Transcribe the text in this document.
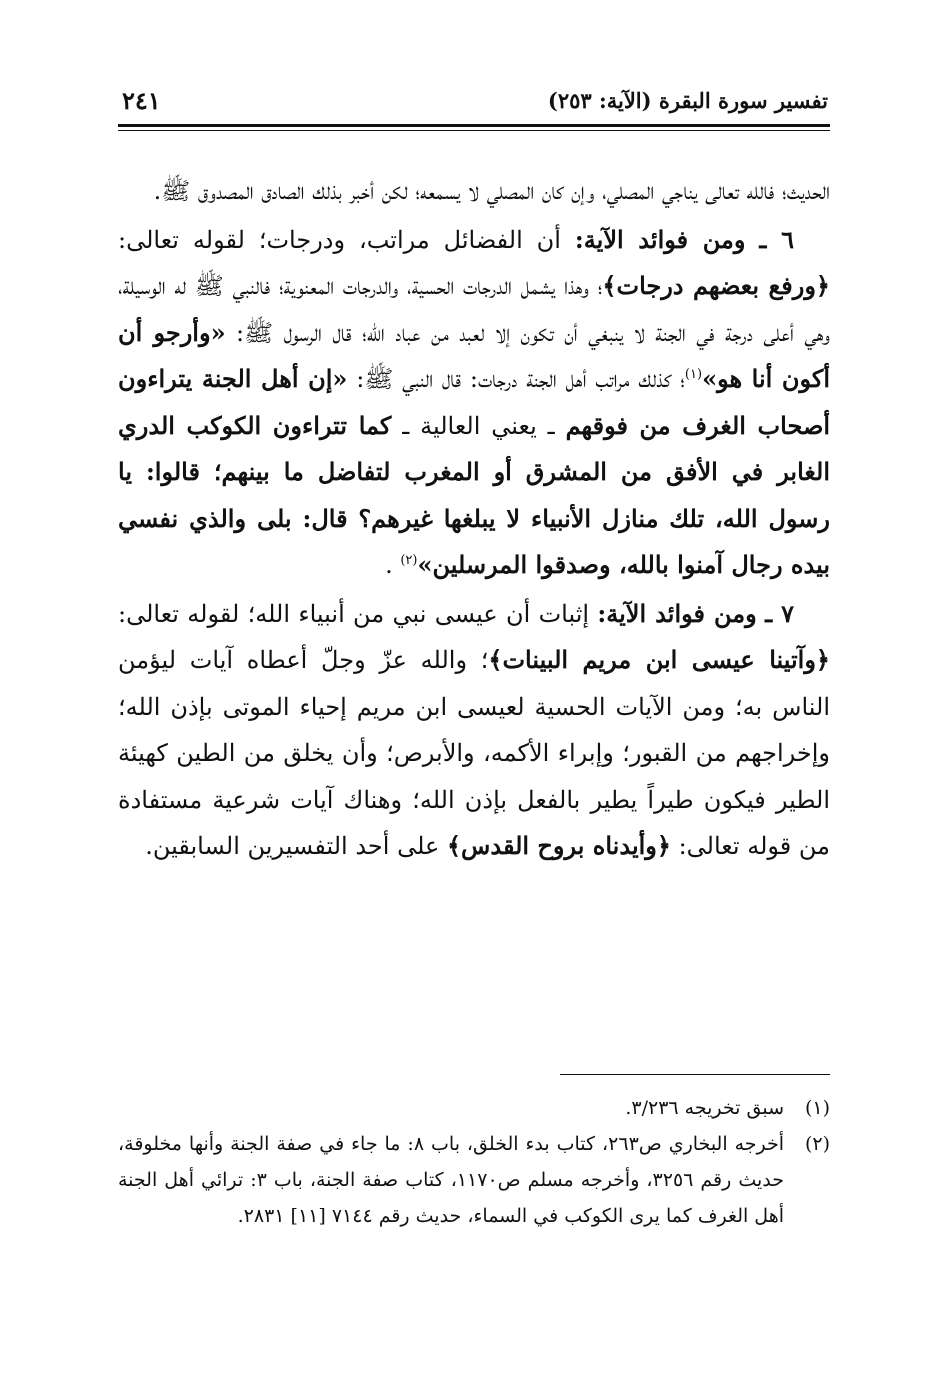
تفسير سورة البقرة (الآية: ٢٥٣)
٢٤١

الحديث؛ فالله تعالى يناجي المصلي، وإن كان المصلي لا يسمعه؛ لكن أخبر بذلك الصادق المصدوق ﷺ.

٦ ـ ومن فوائد الآية: أن الفضائل مراتب، ودرجات؛ لقوله تعالى: ﴿ورفع بعضهم درجات﴾؛ وهذا يشمل الدرجات الحسية، والدرجات المعنوية؛ فالنبي ﷺ له الوسيلة، وهي أعلى درجة في الجنة لا ينبغي أن تكون إلا لعبد من عباد الله؛ قال الرسول ﷺ: «وأرجو أن أكون أنا هو»$^{(١)}$؛ كذلك مراتب أهل الجنة درجات: قال النبي ﷺ: «إن أهل الجنة يتراءون أصحاب الغرف من فوقهم ـ يعني العالية ـ كما تتراءون الكوكب الدري الغابر في الأفق من المشرق أو المغرب لتفاضل ما بينهم؛ قالوا: يا رسول الله، تلك منازل الأنبياء لا يبلغها غيرهم؟ قال: بلى والذي نفسي بيده رجال آمنوا بالله، وصدقوا المرسلين»$^{(٢)}$ .

٧ ـ ومن فوائد الآية: إثبات أن عيسى نبي من أنبياء الله؛ لقوله تعالى: ﴿وآتينا عيسى ابن مريم البينات﴾؛ والله عزّ وجلّ أعطاه آيات ليؤمن الناس به؛ ومن الآيات الحسية لعيسى ابن مريم إحياء الموتى بإذن الله؛ وإخراجهم من القبور؛ وإبراء الأكمه، والأبرص؛ وأن يخلق من الطين كهيئة الطير فيكون طيراً يطير بالفعل بإذن الله؛ وهناك آيات شرعية مستفادة من قوله تعالى: ﴿وأيدناه بروح القدس﴾ على أحد التفسيرين السابقين.

(١)
سبق تخريجه ٣/٢٣٦.
(٢)
أخرجه البخاري ص٢٦٣، كتاب بدء الخلق، باب ٨: ما جاء في صفة الجنة وأنها مخلوقة، حديث رقم ٣٢٥٦، وأخرجه مسلم ص١١٧٠، كتاب صفة الجنة، باب ٣: ترائي أهل الجنة أهل الغرف كما يرى الكوكب في السماء، حديث رقم ٧١٤٤ [١١] ٢٨٣١.
